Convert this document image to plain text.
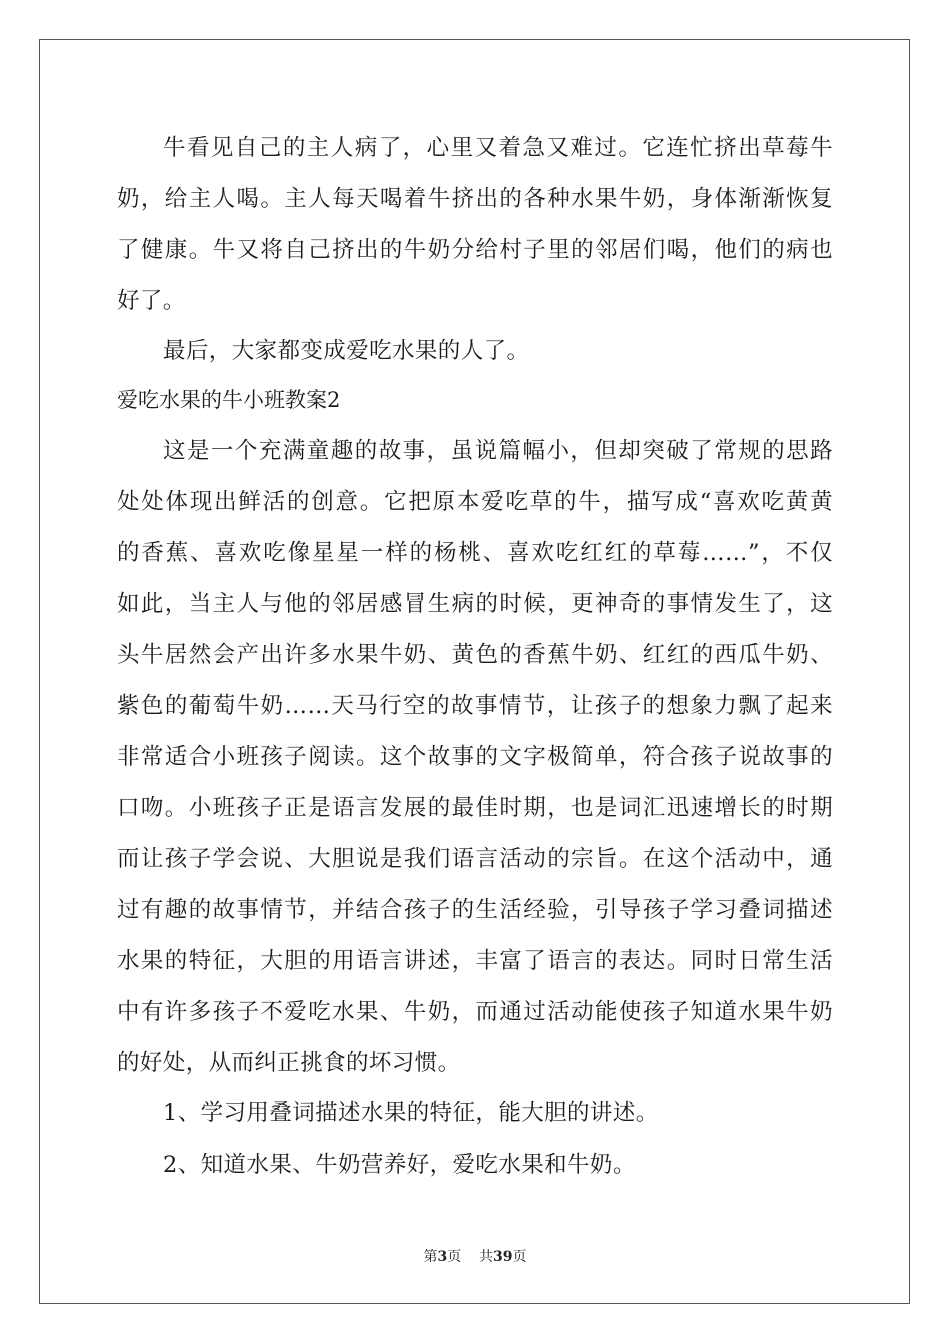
牛看见自己的主人病了，心里又着急又难过。它连忙挤出草莓牛
奶，给主人喝。主人每天喝着牛挤出的各种水果牛奶，身体渐渐恢复
了健康。牛又将自己挤出的牛奶分给村子里的邻居们喝，他们的病也
好了。
最后，大家都变成爱吃水果的人了。
爱吃水果的牛小班教案2
这是一个充满童趣的故事，虽说篇幅小，但却突破了常规的思路
处处体现出鲜活的创意。它把原本爱吃草的牛，描写成“喜欢吃黄黄
的香蕉、喜欢吃像星星一样的杨桃、喜欢吃红红的草莓……”，不仅
如此，当主人与他的邻居感冒生病的时候，更神奇的事情发生了，这
头牛居然会产出许多水果牛奶、黄色的香蕉牛奶、红红的西瓜牛奶、
紫色的葡萄牛奶……天马行空的故事情节，让孩子的想象力飘了起来
非常适合小班孩子阅读。这个故事的文字极简单，符合孩子说故事的
口吻。小班孩子正是语言发展的最佳时期，也是词汇迅速增长的时期
而让孩子学会说、大胆说是我们语言活动的宗旨。在这个活动中，通
过有趣的故事情节，并结合孩子的生活经验，引导孩子学习叠词描述
水果的特征，大胆的用语言讲述，丰富了语言的表达。同时日常生活
中有许多孩子不爱吃水果、牛奶，而通过活动能使孩子知道水果牛奶
的好处，从而纠正挑食的坏习惯。
1、学习用叠词描述水果的特征，能大胆的讲述。
2、知道水果、牛奶营养好，爱吃水果和牛奶。
第3页 共39页
